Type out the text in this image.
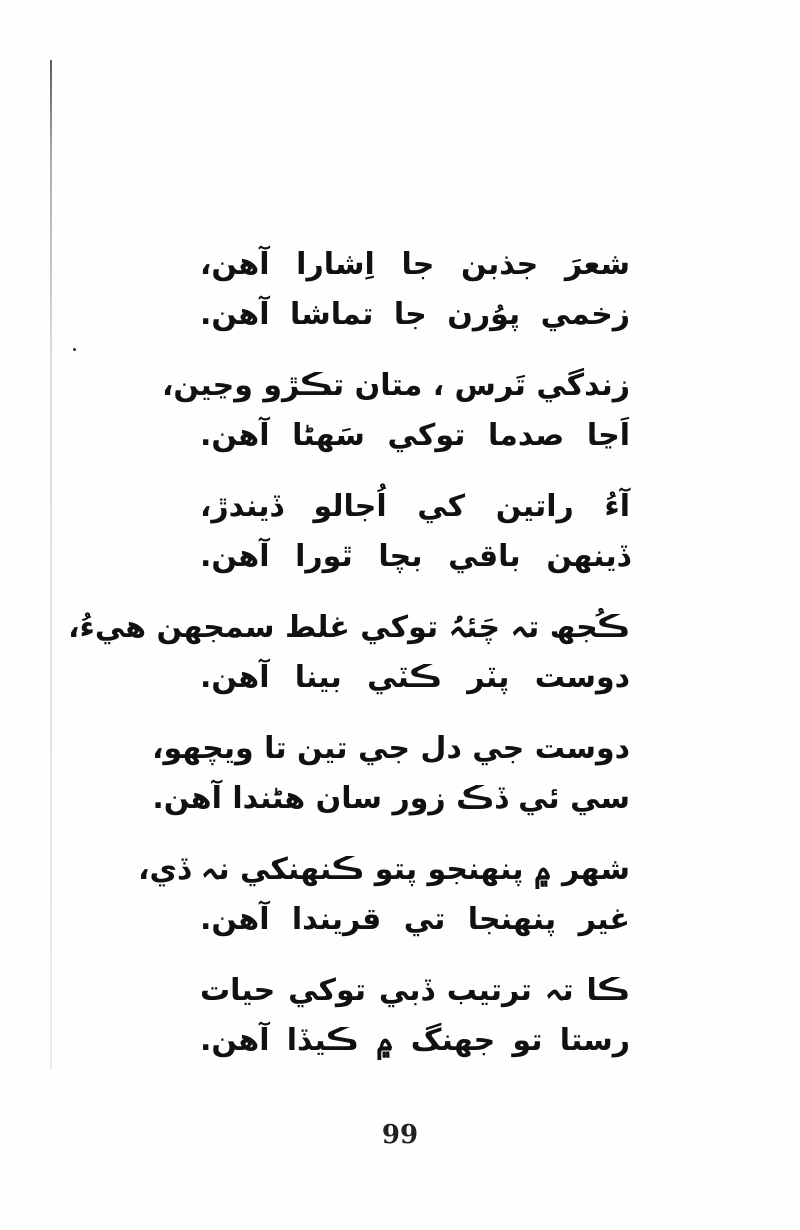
شعرَ جذبن جا اِشارا آهن،
زخمي پوُرن جا تماشا آهن.
زندگي تَرس ، متان تڪڙو وڃين،
اَڃا صدما توکي سَهڻا آهن.
آءُ راتين کي اُجالو ڏيندڙ،
ڏينهن باقي بچا ٿورا آهن.
ڪُجھ تہ چَئہُ توکي غلط سمجهن هيءُ،
دوست پٽر ڪٽي بينا آهن.
دوست جي دل جي تين تا ويچهو،
سي ئي ڏڪ زور سان هڻندا آهن.
شهر ۾ پنهنجو پتو ڪنهنکي نہ ڏي،
غير پنهنجا تي قريندا آهن.
ڪا تہ ترتيب ڏبي توکي حيات
رستا تو جهنگ ۾ ڪيڏا آهن.
99
